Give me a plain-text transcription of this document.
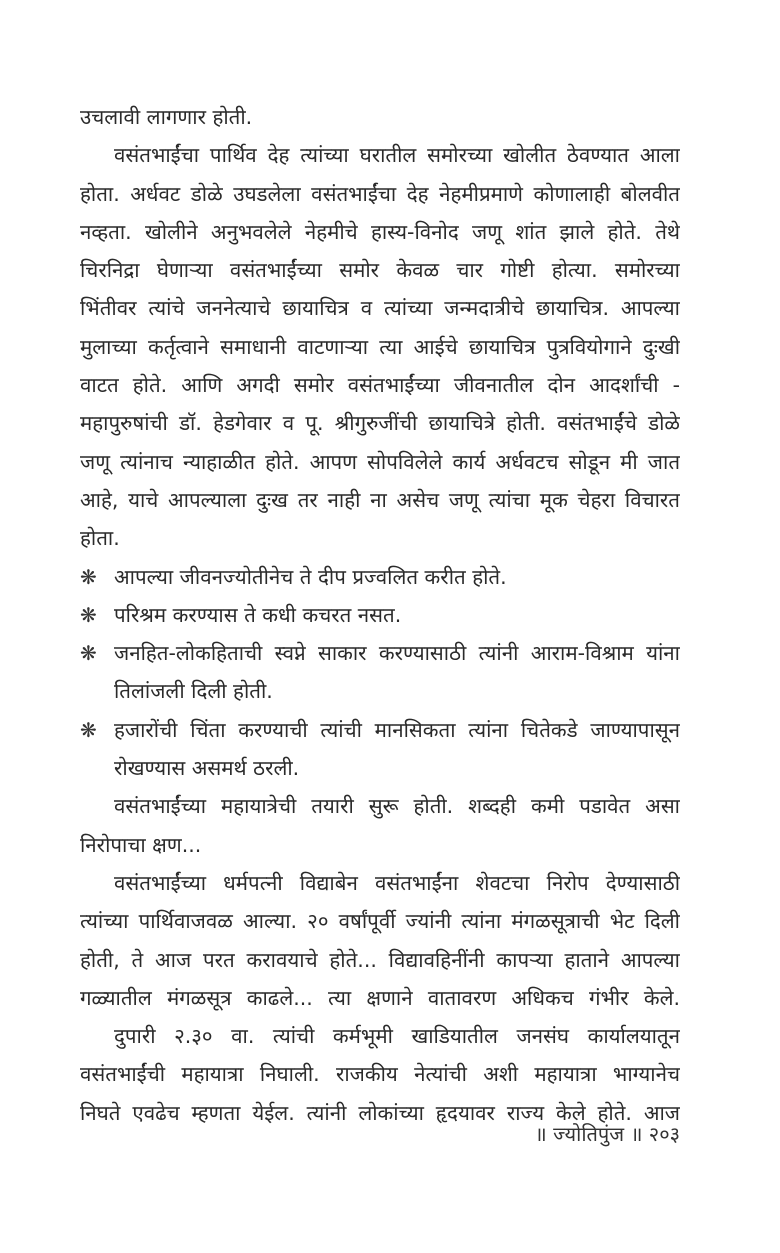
उचलावी लागणार होती.
वसंतभाईंचा पार्थिव देह त्यांच्या घरातील समोरच्या खोलीत ठेवण्यात आला
होता. अर्धवट डोळे उघडलेला वसंतभाईंचा देह नेहमीप्रमाणे कोणालाही बोलवीत
नव्हता. खोलीने अनुभवलेले नेहमीचे हास्य-विनोद जणू शांत झाले होते. तेथे
चिरनिद्रा घेणाऱ्या वसंतभाईंच्या समोर केवळ चार गोष्टी होत्या. समोरच्या
भिंतीवर त्यांचे जननेत्याचे छायाचित्र व त्यांच्या जन्मदात्रीचे छायाचित्र. आपल्या
मुलाच्या कर्तृत्वाने समाधानी वाटणाऱ्या त्या आईचे छायाचित्र पुत्रवियोगाने दुःखी
वाटत होते. आणि अगदी समोर वसंतभाईंच्या जीवनातील दोन आदर्शांची -
महापुरुषांची डॉ. हेडगेवार व पू. श्रीगुरुजींची छायाचित्रे होती. वसंतभाईंचे डोळे
जणू त्यांनाच न्याहाळीत होते. आपण सोपविलेले कार्य अर्धवटच सोडून मी जात
आहे, याचे आपल्याला दुःख तर नाही ना असेच जणू त्यांचा मूक चेहरा विचारत
होता.
❋ आपल्या जीवनज्योतीनेच ते दीप प्रज्वलित करीत होते.
❋ परिश्रम करण्यास ते कधी कचरत नसत.
❋ जनहित-लोकहिताची स्वप्ने साकार करण्यासाठी त्यांनी आराम-विश्राम यांना
तिलांजली दिली होती.
❋ हजारोंची चिंता करण्याची त्यांची मानसिकता त्यांना चितेकडे जाण्यापासून
रोखण्यास असमर्थ ठरली.
वसंतभाईंच्या महायात्रेची तयारी सुरू होती. शब्दही कमी पडावेत असा
निरोपाचा क्षण...
वसंतभाईंच्या धर्मपत्नी विद्याबेन वसंतभाईंना शेवटचा निरोप देण्यासाठी
त्यांच्या पार्थिवाजवळ आल्या. २० वर्षांपूर्वी ज्यांनी त्यांना मंगळसूत्राची भेट दिली
होती, ते आज परत करावयाचे होते... विद्यावहिनींनी कापऱ्या हाताने आपल्या
गळ्यातील मंगळसूत्र काढले... त्या क्षणाने वातावरण अधिकच गंभीर केले.
दुपारी २.३० वा. त्यांची कर्मभूमी खाडियातील जनसंघ कार्यालयातून
वसंतभाईंची महायात्रा निघाली. राजकीय नेत्यांची अशी महायात्रा भाग्यानेच
निघते एवढेच म्हणता येईल. त्यांनी लोकांच्या हृदयावर राज्य केले होते. आज
॥ ज्योतिपुंज ॥ २०३
